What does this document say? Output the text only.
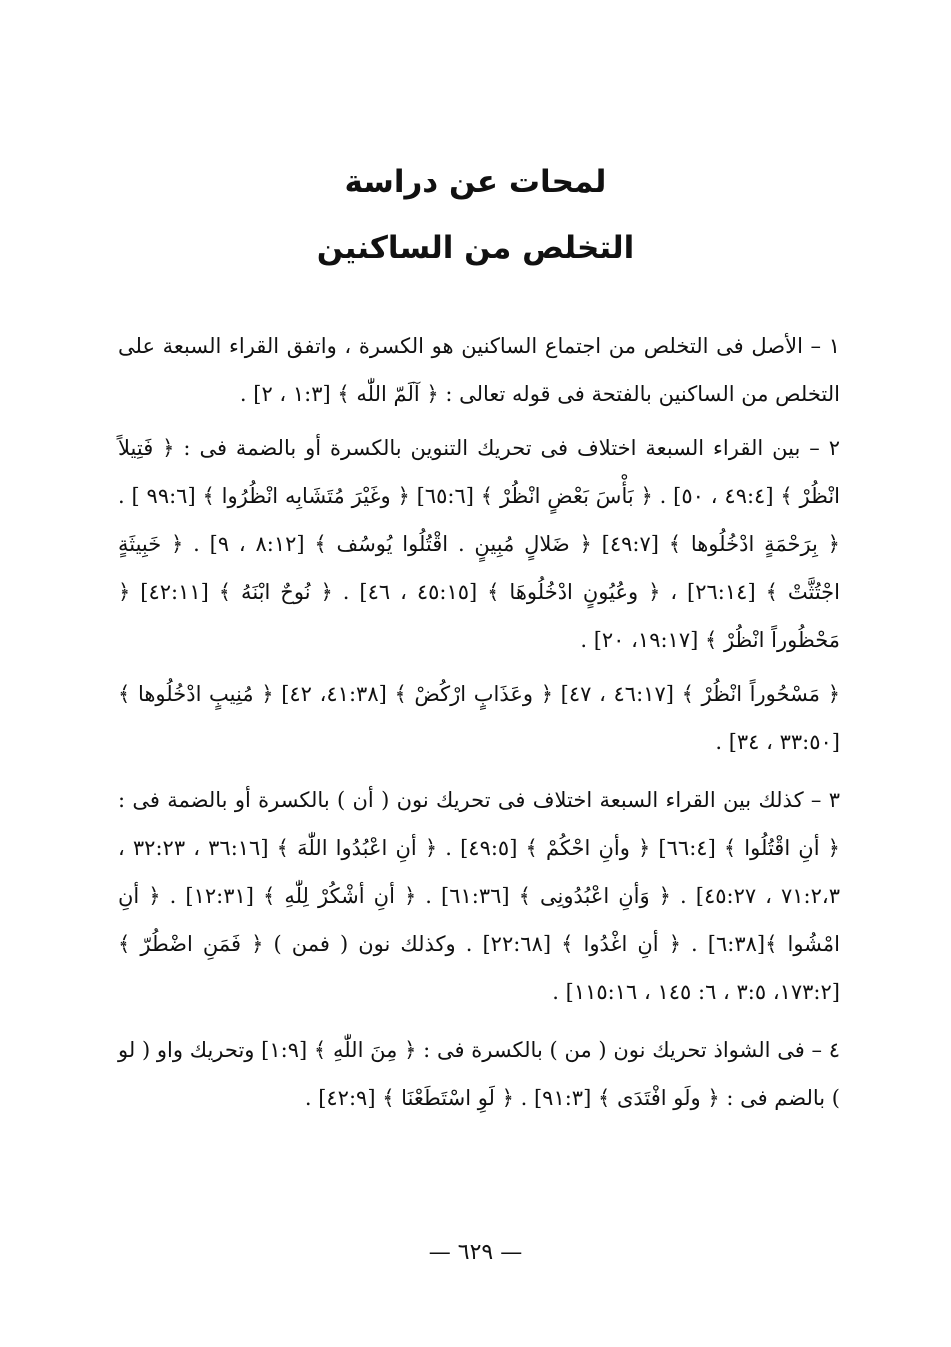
لمحات عن دراسة
التخلص من الساكنين

١ – الأصل فى التخلص من اجتماع الساكنين هو الكسرة ، واتفق القراء السبعة على التخلص من الساكنين بالفتحة فى قوله تعالى : ﴿ آلَمّ اللّٰه ﴾ [١:٣ ، ٢] .

٢ – بين القراء السبعة اختلاف فى تحريك التنوين بالكسرة أو بالضمة فى : ﴿ فَتِيلاً انْظُرْ ﴾ [٤٩:٤ ، ٥٠] . ﴿ بَأْسَ بَعْضٍ انْظُرْ ﴾ [٦٥:٦] ﴿ وغَيْرَ مُتَشَابِه انْظُرُوا ﴾ [٩٩:٦ ] . ﴿ بِرَحْمَةٍ ادْخُلُوها ﴾ [٤٩:٧] ﴿ ضَلالٍ مُبِينٍ . اقْتُلُوا يُوسُف ﴾ [٨:١٢ ، ٩] . ﴿ خَبِيثَةٍ اجْتُثَّتْ ﴾ [٢٦:١٤] ، ﴿ وعُيُونٍ ادْخُلُوهَا ﴾ [٤٥:١٥ ، ٤٦] . ﴿ نُوحٌ ابْنَهُ ﴾ [٤٢:١١] ﴿ مَحْظُوراً انْظُرْ ﴾ [١٩:١٧، ٢٠] .

﴿ مَسْحُوراً انْظُرْ ﴾ [٤٦:١٧ ، ٤٧] ﴿ وعَذَابٍ ارْكُضْ ﴾ [٤١:٣٨، ٤٢] ﴿ مُنِيبٍ ادْخُلُوها ﴾ [٣٣:٥٠ ، ٣٤] .

٣ – كذلك بين القراء السبعة اختلاف فى تحريك نون ( أن ) بالكسرة أو بالضمة فى : ﴿ أنِ اقْتُلُوا ﴾ [٦٦:٤] ﴿ وأنِ احْكُمْ ﴾ [٤٩:٥] . ﴿ أنِ اعْبُدُوا اللّٰهَ ﴾ [٣٦:١٦ ، ٣٢:٢٣ ، ٧١:٢،٣ ، ٤٥:٢٧] . ﴿ وَأنِ اعْبُدُونِى ﴾ [٦١:٣٦] . ﴿ أنِ أشْكُرْ لِلّٰهِ ﴾ [١٢:٣١] . ﴿ أنِ امْشُوا ﴾[٦:٣٨] . ﴿ أنِ اغْدُوا ﴾ [٢٢:٦٨] . وكذلك نون ( فمن ) ﴿ فَمَنِ اضْطُرّ ﴾ [١٧٣:٢، ٣:٥ ، ٦: ١٤٥ ، ١١٥:١٦] .

٤ – فى الشواذ تحريك نون ( من ) بالكسرة فى : ﴿ مِنَ اللّٰهِ ﴾ [١:٩] وتحريك واو ( لو ) بالضم فى : ﴿ ولَو افْتَدَى ﴾ [٩١:٣] . ﴿ لَوِ اسْتَطَعْنَا ﴾ [٤٢:٩] .

— ٦٢٩ —
